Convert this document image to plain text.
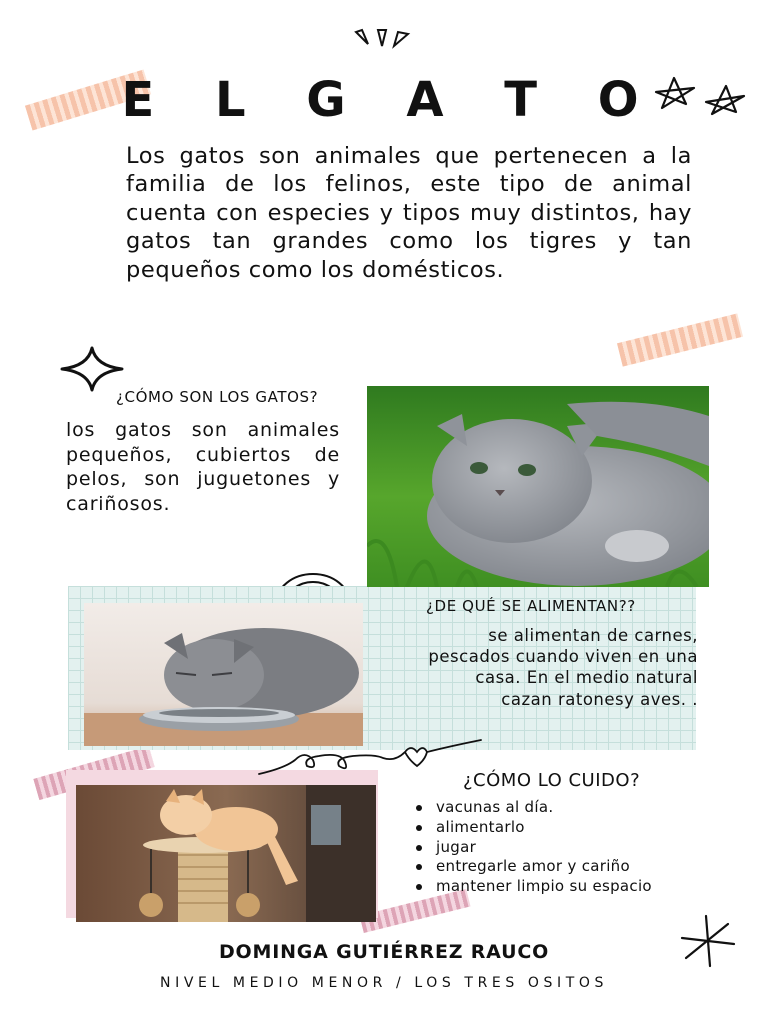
E L G A T O
Los gatos son animales que pertenecen a la familia de los felinos, este tipo de animal cuenta con especies y tipos muy distintos, hay gatos tan grandes como los tigres y tan pequeños como los domésticos.
¿CÓMO SON LOS GATOS?
los gatos son animales pequeños, cubiertos de pelos, son juguetones y cariñosos.
¿DE QUÉ SE ALIMENTAN??
se alimentan de carnes, pescados cuando viven en una casa. En el medio natural cazan ratonesy aves. .
¿CÓMO LO CUIDO?
vacunas al día.
alimentarlo
jugar
entregarle amor y cariño
mantener limpio su espacio
DOMINGA GUTIÉRREZ RAUCO
NIVEL MEDIO MENOR / LOS TRES OSITOS
